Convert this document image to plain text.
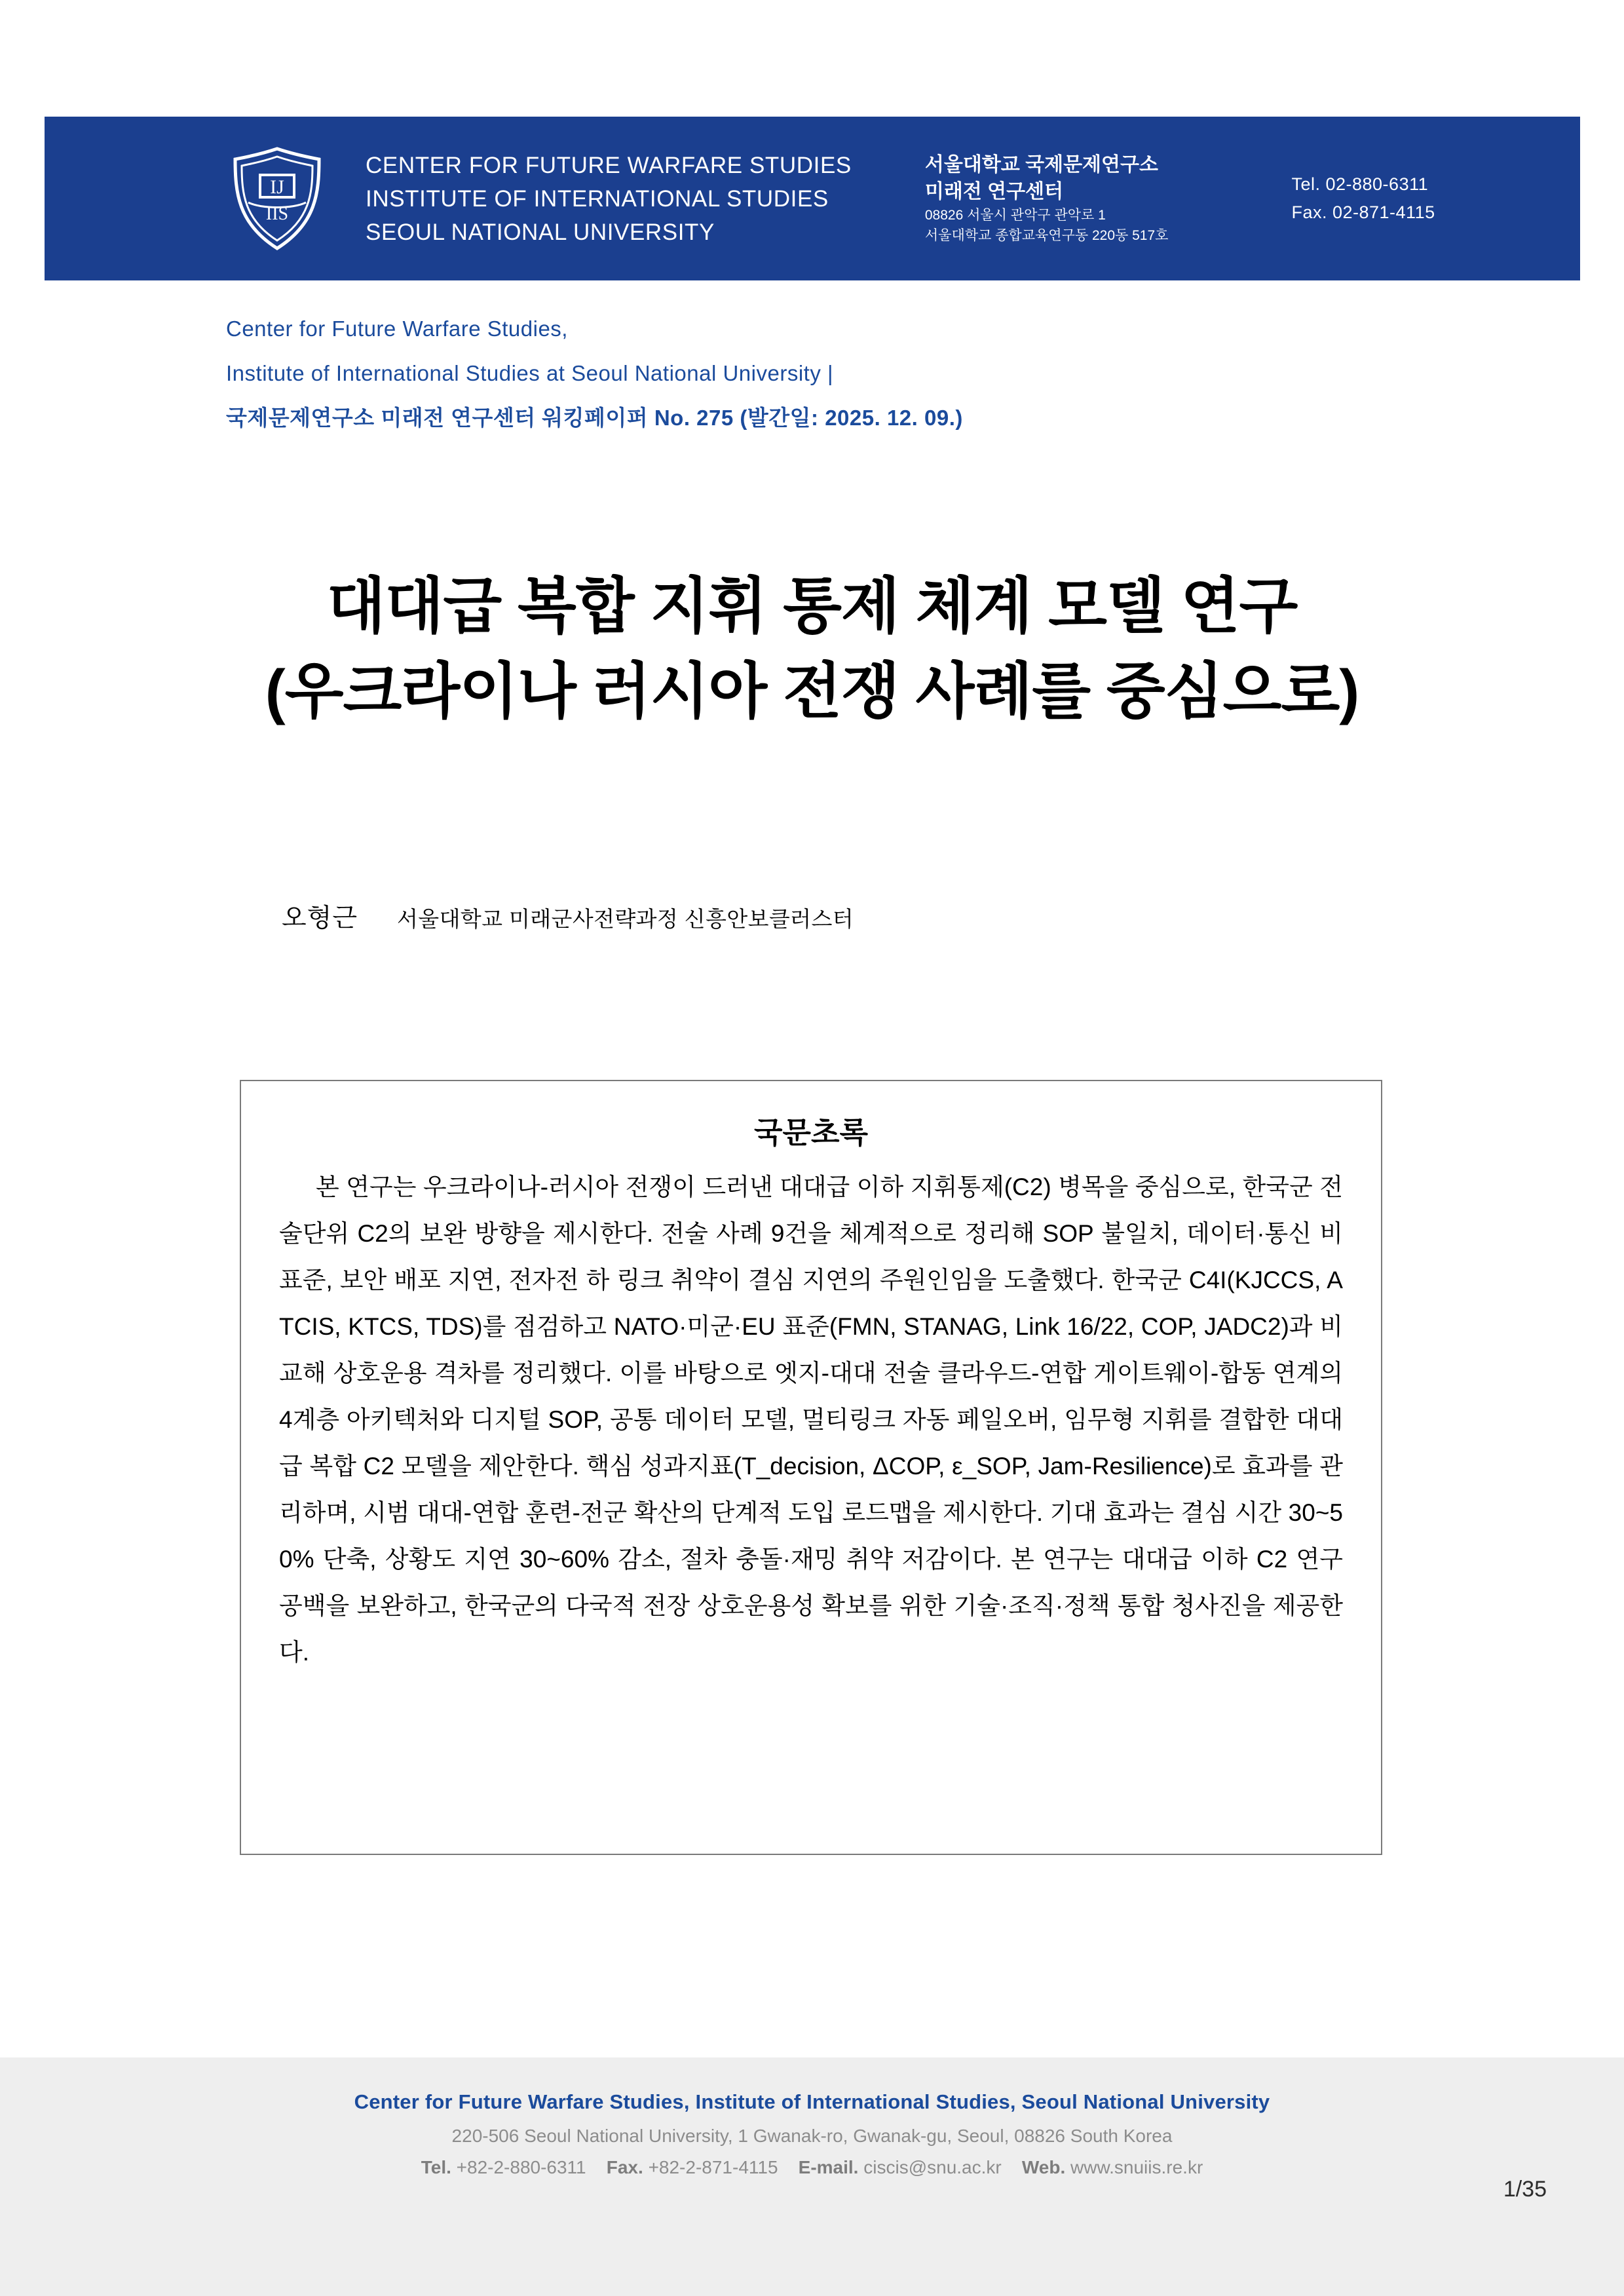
IJ
IIS
CENTER FOR FUTURE WARFARE STUDIES
INSTITUTE OF INTERNATIONAL STUDIES
SEOUL NATIONAL UNIVERSITY
서울대학교 국제문제연구소
미래전 연구센터
08826 서울시 관악구 관악로 1
서울대학교 종합교육연구동 220동 517호
Tel. 02-880-6311
Fax. 02-871-4115
Center for Future Warfare Studies,
Institute of International Studies at Seoul National University |
국제문제연구소 미래전 연구센터 워킹페이퍼 No. 275 (발간일: 2025. 12. 09.)
대대급 복합 지휘 통제 체계 모델 연구
(우크라이나 러시아 전쟁 사례를 중심으로)
오형근 서울대학교 미래군사전략과정 신흥안보클러스터
국문초록
본 연구는 우크라이나-러시아 전쟁이 드러낸 대대급 이하 지휘통제(C2) 병목을 중심으로, 한국군 전술단위 C2의 보완 방향을 제시한다. 전술 사례 9건을 체계적으로 정리해 SOP 불일치, 데이터·통신 비표준, 보안 배포 지연, 전자전 하 링크 취약이 결심 지연의 주원인임을 도출했다. 한국군 C4I(KJCCS, ATCIS, KTCS, TDS)를 점검하고 NATO·미군·EU 표준(FMN, STANAG, Link 16/22, COP, JADC2)과 비교해 상호운용 격차를 정리했다. 이를 바탕으로 엣지-대대 전술 클라우드-연합 게이트웨이-합동 연계의 4계층 아키텍처와 디지털 SOP, 공통 데이터 모델, 멀티링크 자동 페일오버, 임무형 지휘를 결합한 대대급 복합 C2 모델을 제안한다. 핵심 성과지표(T_decision, ΔCOP, ε_SOP, Jam-Resilience)로 효과를 관리하며, 시범 대대-연합 훈련-전군 확산의 단계적 도입 로드맵을 제시한다. 기대 효과는 결심 시간 30~50% 단축, 상황도 지연 30~60% 감소, 절차 충돌·재밍 취약 저감이다. 본 연구는 대대급 이하 C2 연구 공백을 보완하고, 한국군의 다국적 전장 상호운용성 확보를 위한 기술·조직·정책 통합 청사진을 제공한다.
Center for Future Warfare Studies, Institute of International Studies, Seoul National University
220-506 Seoul National University, 1 Gwanak-ro, Gwanak-gu, Seoul, 08826 South Korea
Tel. +82-2-880-6311 Fax. +82-2-871-4115 E-mail. ciscis@snu.ac.kr Web. www.snuiis.re.kr
1/35
